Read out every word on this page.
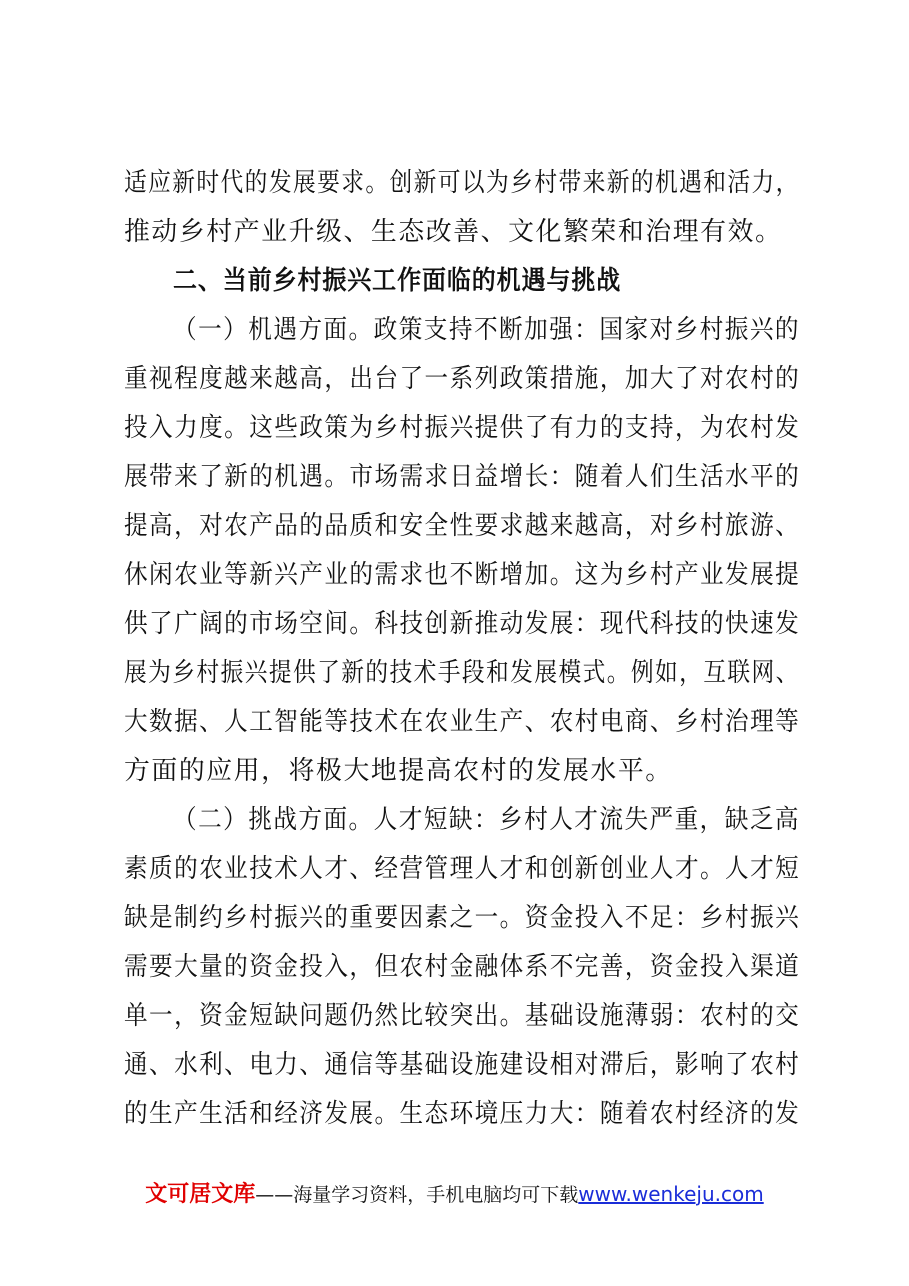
适应新时代的发展要求。创新可以为乡村带来新的机遇和活力，
推动乡村产业升级、生态改善、文化繁荣和治理有效。
二、当前乡村振兴工作面临的机遇与挑战
（一）机遇方面。政策支持不断加强：国家对乡村振兴的
重视程度越来越高，出台了一系列政策措施，加大了对农村的
投入力度。这些政策为乡村振兴提供了有力的支持，为农村发
展带来了新的机遇。市场需求日益增长：随着人们生活水平的
提高，对农产品的品质和安全性要求越来越高，对乡村旅游、
休闲农业等新兴产业的需求也不断增加。这为乡村产业发展提
供了广阔的市场空间。科技创新推动发展：现代科技的快速发
展为乡村振兴提供了新的技术手段和发展模式。例如，互联网、
大数据、人工智能等技术在农业生产、农村电商、乡村治理等
方面的应用，将极大地提高农村的发展水平。
（二）挑战方面。人才短缺：乡村人才流失严重，缺乏高
素质的农业技术人才、经营管理人才和创新创业人才。人才短
缺是制约乡村振兴的重要因素之一。资金投入不足：乡村振兴
需要大量的资金投入，但农村金融体系不完善，资金投入渠道
单一，资金短缺问题仍然比较突出。基础设施薄弱：农村的交
通、水利、电力、通信等基础设施建设相对滞后，影响了农村
的生产生活和经济发展。生态环境压力大：随着农村经济的发
文可居文库——海量学习资料，手机电脑均可下载www.wenkeju.com
